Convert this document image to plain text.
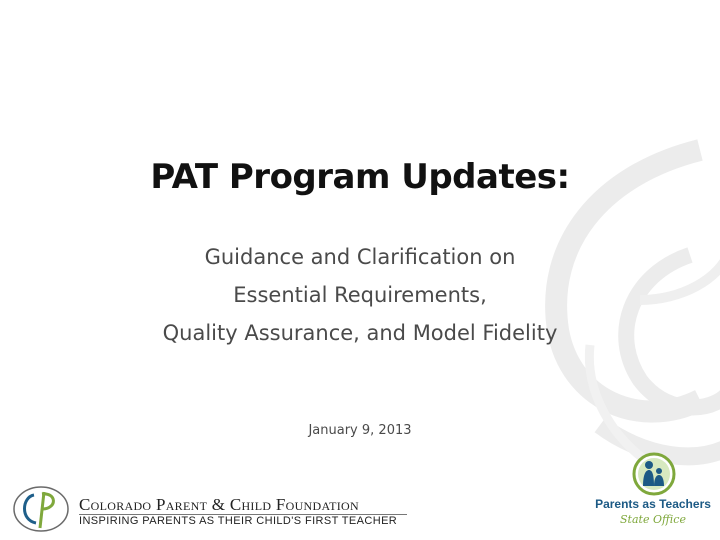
PAT Program Updates:
Guidance and Clarification on
Essential Requirements,
Quality Assurance, and Model Fidelity
January 9, 2013
Colorado Parent & Child Foundation
INSPIRING PARENTS AS THEIR CHILD'S FIRST TEACHER
Parents as Teachers
State Office
